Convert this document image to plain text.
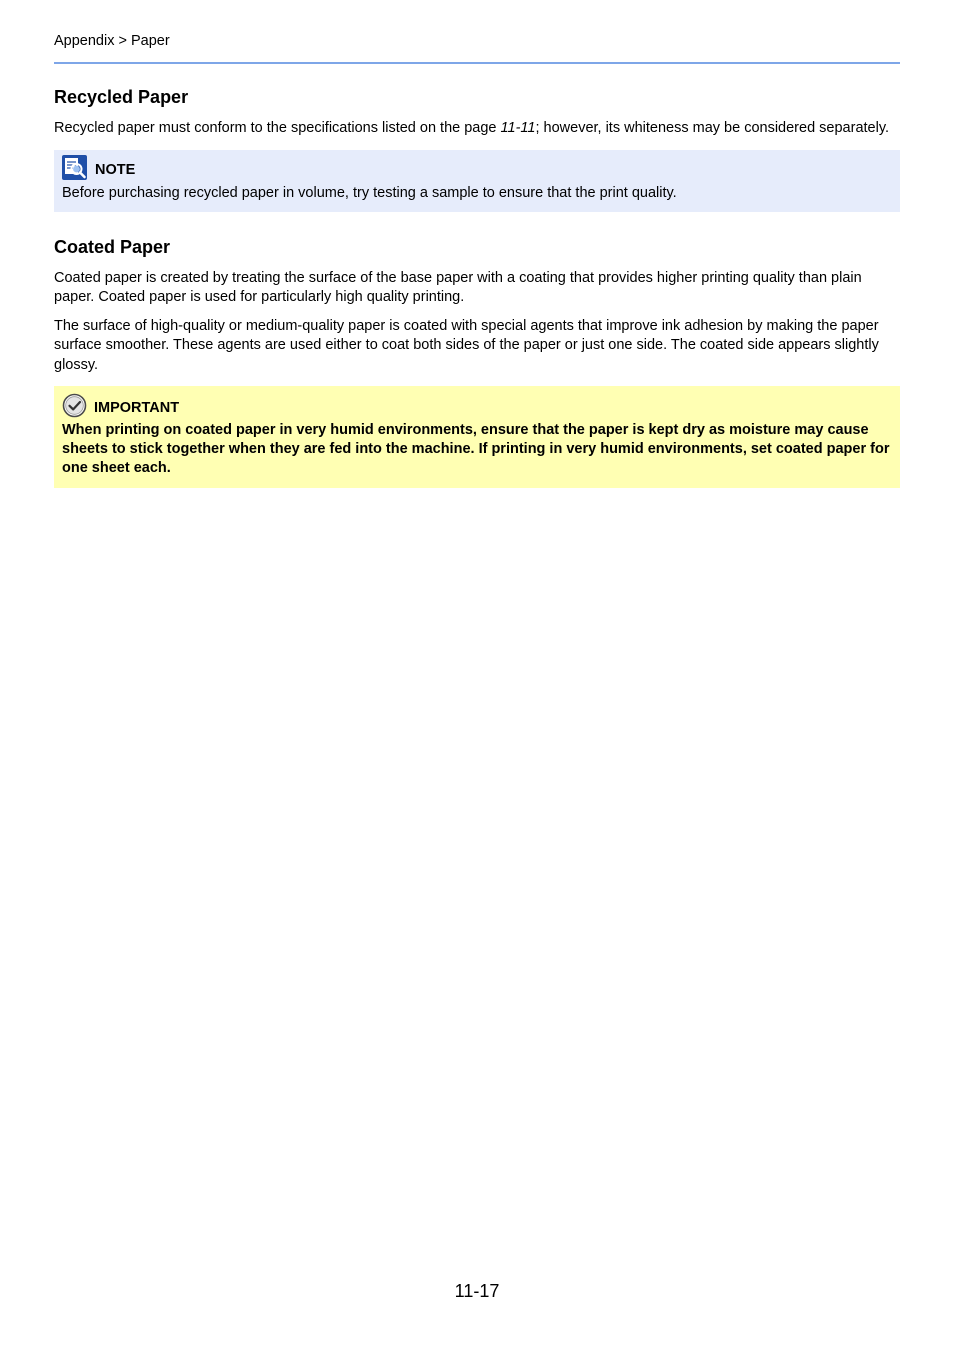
Appendix > Paper
Recycled Paper

Recycled paper must conform to the specifications listed on the page 11-11; however, its whiteness may be considered separately.

NOTE
Before purchasing recycled paper in volume, try testing a sample to ensure that the print quality.
Coated Paper

Coated paper is created by treating the surface of the base paper with a coating that provides higher printing quality than plain paper. Coated paper is used for particularly high quality printing.

The surface of high-quality or medium-quality paper is coated with special agents that improve ink adhesion by making the paper surface smoother. These agents are used either to coat both sides of the paper or just one side. The coated side appears slightly glossy.

IMPORTANT
When printing on coated paper in very humid environments, ensure that the paper is kept dry as moisture may cause sheets to stick together when they are fed into the machine. If printing in very humid environments, set coated paper for one sheet each.
11-17
